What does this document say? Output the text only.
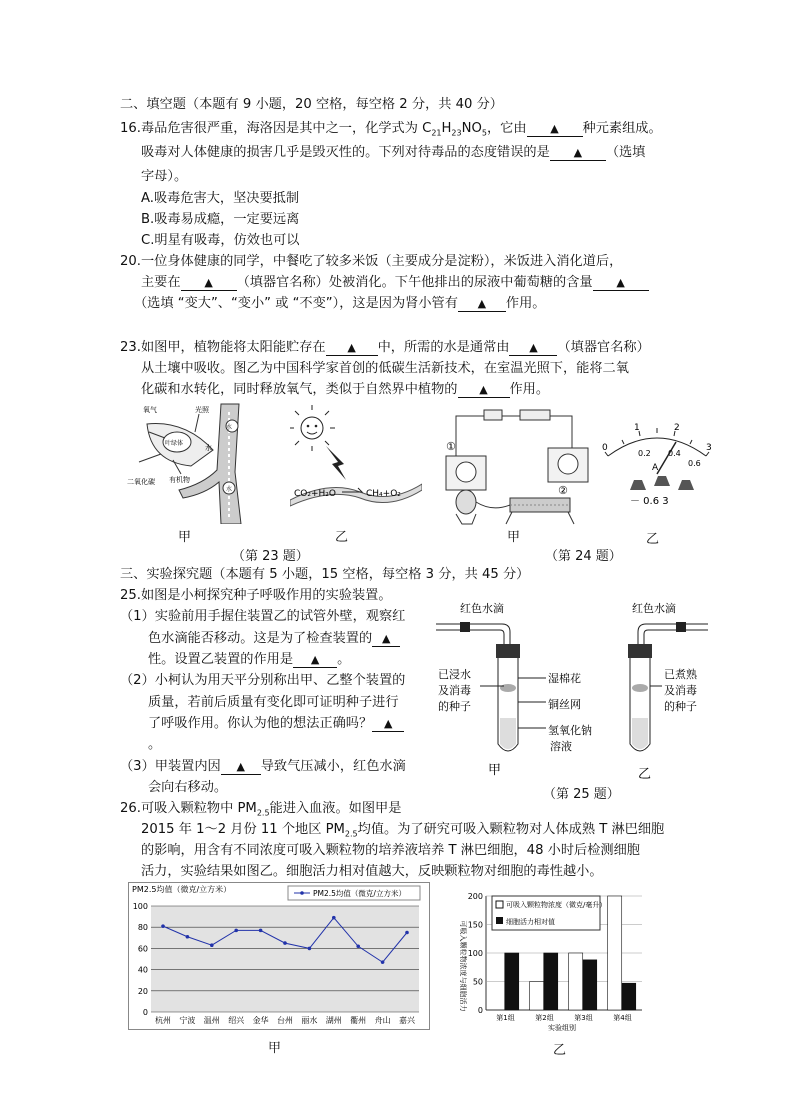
二、填空题（本题有 9 小题，20 空格，每空格 2 分，共 40 分）
16.毒品危害很严重，海洛因是其中之一，化学式为 $C_{21}H_{23}NO_5$，它由 ▲ 种元素组成。
吸毒对人体健康的损害几乎是毁灭性的。下列对待毒品的态度错误的是 ▲ （选填
字母）。
A.吸毒危害大，坚决要抵制
B.吸毒易成瘾，一定要远离
C.明星有吸毒，仿效也可以
20.一位身体健康的同学，中餐吃了较多米饭（主要成分是淀粉），米饭进入消化道后，
主要在 ▲ （填器官名称）处被消化。下午他排出的尿液中葡萄糖的含量 ▲
（选填 “变大”、“变小” 或 “不变”），这是因为肾小管有 ▲ 作用。
23.如图甲，植物能将太阳能贮存在 ▲ 中，所需的水是通常由 ▲ （填器官名称）
从土壤中吸收。图乙为中国科学家首创的低碳生活新技术，在室温光照下，能将二氧
化碳和水转化，同时释放氧气，类似于自然界中植物的 ▲ 作用。
氧气	光照
叶绿体
水
二氧化碳 有机物
水
水
甲
CO₂+H₂O	CH₄+O₂
乙
（第 23 题）
①
②
甲
0
1	2
3
0.2 0.4
0.6
A
－ 0.6 3
乙
（第 24 题）
三、实验探究题（本题有 5 小题，15 空格，每空格 3 分，共 45 分）
25.如图是小柯探究种子呼吸作用的实验装置。
（1）实验前用手握住装置乙的试管外壁，观察红
色水滴能否移动。这是为了检查装置的 ▲
性。设置乙装置的作用是 ▲ 。
（2）小柯认为用天平分别称出甲、乙整个装置的
质量，若前后质量有变化即可证明种子进行
了呼吸作用。你认为他的想法正确吗？ ▲
。
（3）甲装置内因 ▲ 导致气压减小，红色水滴
会向右移动。
红色水滴	红色水滴
已浸水
及消毒
的种子
湿棉花
铜丝网
氢氧化钠
溶液
已煮熟
及消毒
的种子
甲	乙
（第 25 题）
26.可吸入颗粒物中 $PM_{2.5}$能进入血液。如图甲是
2015 年 1～2 月份 11 个地区 $PM_{2.5}$均值。为了研究可吸入颗粒物对人体成熟 T 淋巴细胞
的影响，用含有不同浓度可吸入颗粒物的培养液培养 T 淋巴细胞，48 小时后检测细胞
活力，实验结果如图乙。细胞活力相对值越大，反映颗粒物对细胞的毒性越小。
PM2.5均值（微克/立方米）	PM2.5均值（微克/立方米）
0
20
40
60
80
100
杭州 宁波 温州 绍兴 金华 台州 丽水 湖州 衢州 舟山 嘉兴
甲
可吸入颗粒物浓度与细胞活力 0
50
100
150
200
第1组	第2组	第3组	第4组
可吸入颗粒物浓度（微克/毫升）
细胞活力相对值
实验组别
乙
